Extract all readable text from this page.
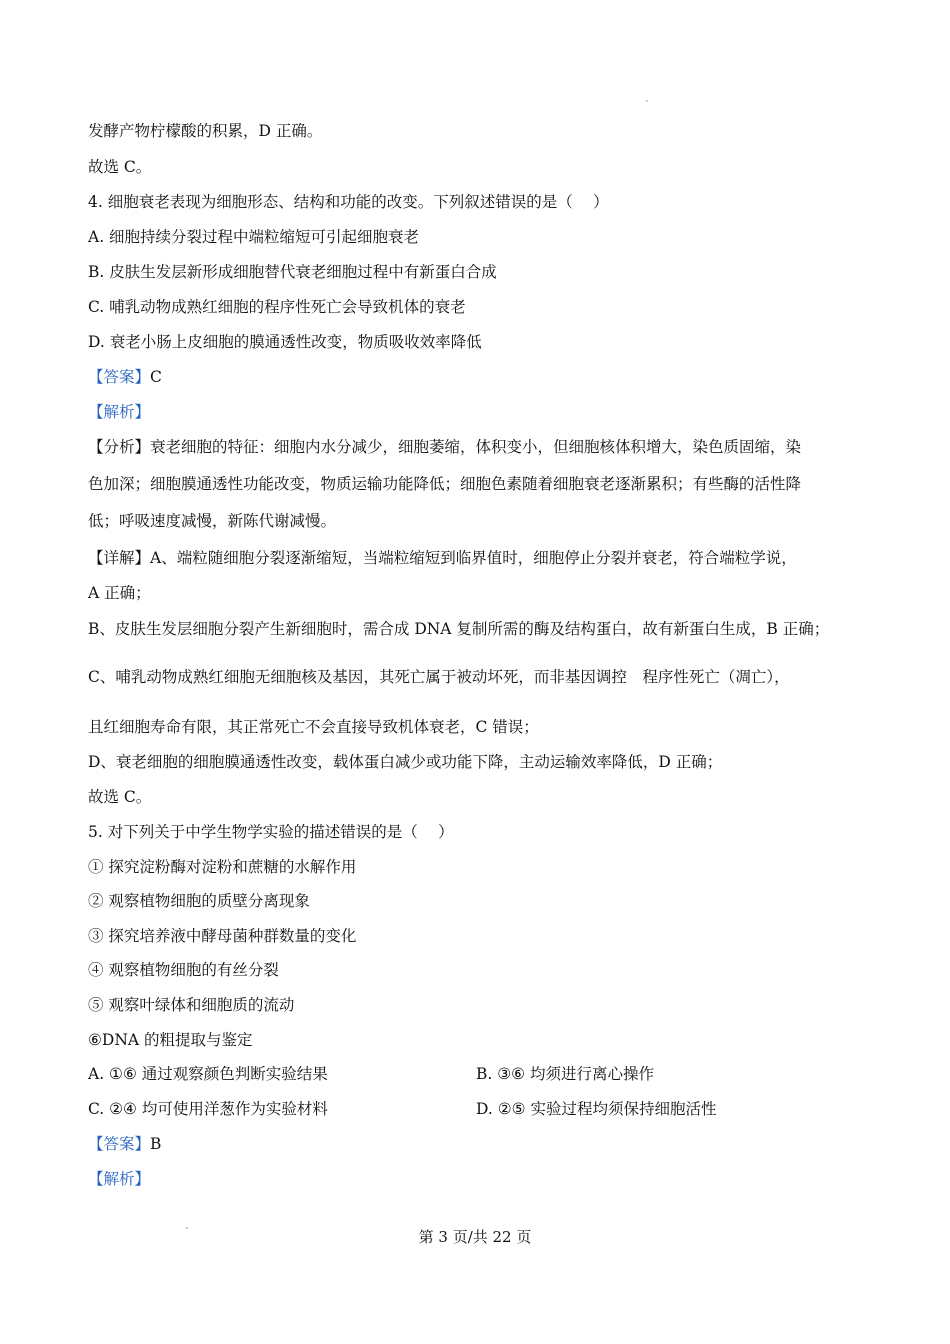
发酵产物柠檬酸的积累，D 正确。
故选 C。
4. 细胞衰老表现为细胞形态、结构和功能的改变。下列叙述错误的是（　 ）
A. 细胞持续分裂过程中端粒缩短可引起细胞衰老
B. 皮肤生发层新形成细胞替代衰老细胞过程中有新蛋白合成
C. 哺乳动物成熟红细胞的程序性死亡会导致机体的衰老
D. 衰老小肠上皮细胞的膜通透性改变，物质吸收效率降低
【答案】C
【解析】
【分析】衰老细胞的特征：细胞内水分减少，细胞萎缩，体积变小，但细胞核体积增大，染色质固缩，染
色加深；细胞膜通透性功能改变，物质运输功能降低；细胞色素随着细胞衰老逐渐累积；有些酶的活性降
低；呼吸速度减慢，新陈代谢减慢。
【详解】A、端粒随细胞分裂逐渐缩短，当端粒缩短到临界值时，细胞停止分裂并衰老，符合端粒学说，
A 正确；
B、皮肤生发层细胞分裂产生新细胞时，需合成 DNA 复制所需的酶及结构蛋白，故有新蛋白生成，B 正确；
C、哺乳动物成熟红细胞无细胞核及基因，其死亡属于被动坏死，而非基因调控　程序性死亡（凋亡），
且红细胞寿命有限，其正常死亡不会直接导致机体衰老，C 错误；
D、衰老细胞的细胞膜通透性改变，载体蛋白减少或功能下降，主动运输效率降低，D 正确；
故选 C。
5. 对下列关于中学生物学实验的描述错误的是（　 ）
① 探究淀粉酶对淀粉和蔗糖的水解作用
② 观察植物细胞的质壁分离现象
③ 探究培养液中酵母菌种群数量的变化
④ 观察植物细胞的有丝分裂
⑤ 观察叶绿体和细胞质的流动
⑥DNA 的粗提取与鉴定
A. ①⑥ 通过观察颜色判断实验结果	B. ③⑥ 均须进行离心操作
C. ②④ 均可使用洋葱作为实验材料	D. ②⑤ 实验过程均须保持细胞活性
【答案】B
【解析】
第 3 页/共 22 页
